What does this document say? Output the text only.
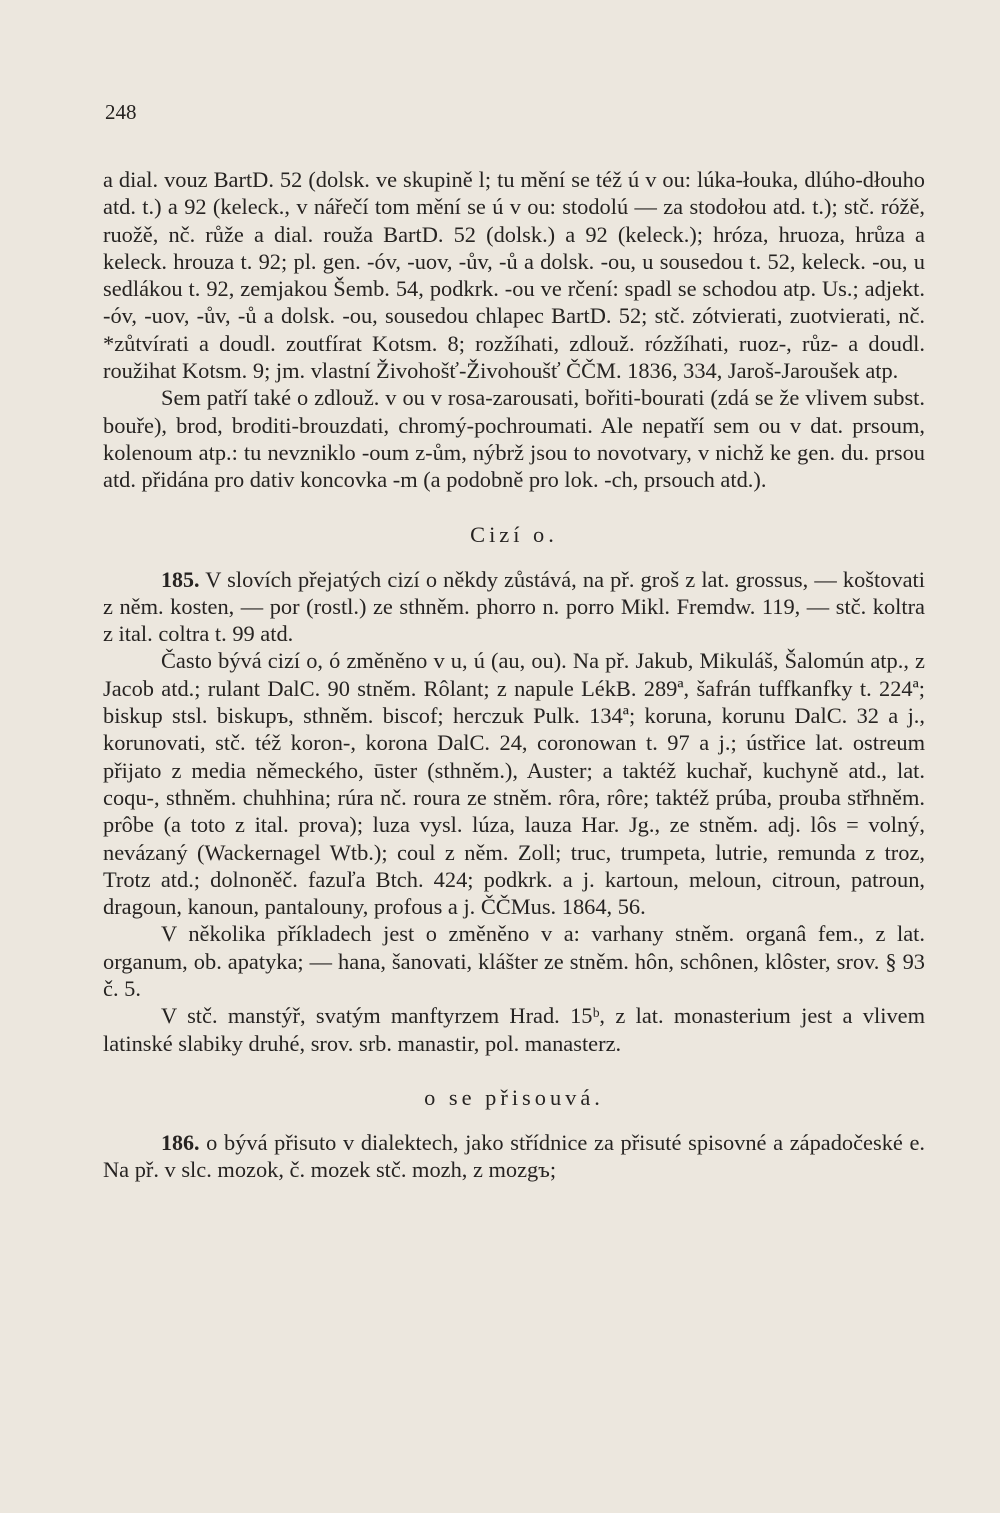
248

a dial. vouz BartD. 52 (dolsk. ve skupině l; tu mění se též ú v ou: lúka-łouka, dlúho-dłouho atd. t.) a 92 (keleck., v nářečí tom mění se ú v ou: stodolú — za stodołou atd. t.); stč. róžě, ruožě, nč. růže a dial. rouža BartD. 52 (dolsk.) a 92 (keleck.); hróza, hruoza, hrůza a keleck. hrouza t. 92; pl. gen. -óv, -uov, -ův, -ů a dolsk. -ou, u sousedou t. 52, keleck. -ou, u sedlákou t. 92, zemjakou Šemb. 54, podkrk. -ou ve rčení: spadl se schodou atp. Us.; adjekt. -óv, -uov, -ův, -ů a dolsk. -ou, sousedou chlapec BartD. 52; stč. zótvierati, zuotvierati, nč. *zůtvírati a doudl. zoutfírat Kotsm. 8; rozžíhati, zdlouž. rózžíhati, ruoz-, růz- a doudl. roužihat Kotsm. 9; jm. vlastní Živohošť-Živohoušť ČČM. 1836, 334, Jaroš-Jaroušek atp.

Sem patří také o zdlouž. v ou v rosa-zarousati, bořiti-bourati (zdá se že vlivem subst. bouře), brod, broditi-brouzdati, chromý-pochroumati. Ale nepatří sem ou v dat. prsoum, kolenoum atp.: tu nevzniklo -oum z-ům, nýbrž jsou to novotvary, v nichž ke gen. du. prsou atd. přidána pro dativ koncovka -m (a podobně pro lok. -ch, prsouch atd.).

Cizí o.

185. V slovích přejatých cizí o někdy zůstává, na př. groš z lat. grossus, — koštovati z něm. kosten, — por (rostl.) ze sthněm. phorro n. porro Mikl. Fremdw. 119, — stč. koltra z ital. coltra t. 99 atd.

Často bývá cizí o, ó změněno v u, ú (au, ou). Na př. Jakub, Mikuláš, Šalomún atp., z Jacob atd.; rulant DalC. 90 stněm. Rôlant; z napule LékB. 289ª, šafrán tuffkanfky t. 224ª; biskup stsl. biskupъ, sthněm. biscof; herczuk Pulk. 134ª; koruna, korunu DalC. 32 a j., korunovati, stč. též koron-, korona DalC. 24, coronowan t. 97 a j.; ústřice lat. ostreum přijato z media německého, ūster (sthněm.), Auster; a taktéž kuchař, kuchyně atd., lat. coqu-, sthněm. chuhhina; rúra nč. roura ze stněm. rôra, rôre; taktéž prúba, prouba střhněm. prôbe (a toto z ital. prova); luza vysl. lúza, lauza Har. Jg., ze stněm. adj. lôs = volný, nevázaný (Wackernagel Wtb.); coul z něm. Zoll; truc, trumpeta, lutrie, remunda z troz, Trotz atd.; dolnoněč. fazuľa Btch. 424; podkrk. a j. kartoun, meloun, citroun, patroun, dragoun, kanoun, pantalouny, profous a j. ČČMus. 1864, 56.

V několika příkladech jest o změněno v a: varhany stněm. organâ fem., z lat. organum, ob. apatyka; — hana, šanovati, klášter ze stněm. hôn, schônen, klôster, srov. § 93 č. 5.

V stč. manstýř, svatým manftyrzem Hrad. 15ᵇ, z lat. monasterium jest a vlivem latinské slabiky druhé, srov. srb. manastir, pol. manasterz.

o se přisouvá.

186. o bývá přisuto v dialektech, jako střídnice za přisuté spisovné a západočeské e. Na př. v slc. mozok, č. mozek stč. mozh, z mozgъ;
